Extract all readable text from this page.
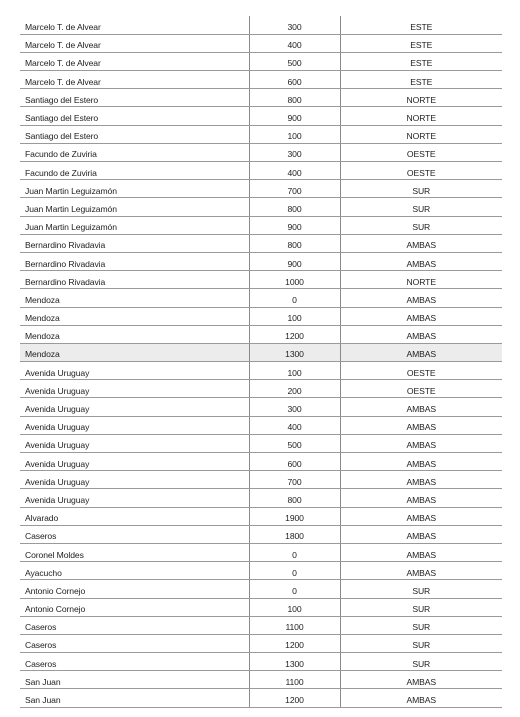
Marcelo T. de Alvear	300	ESTE
Marcelo T. de Alvear	400	ESTE
Marcelo T. de Alvear	500	ESTE
Marcelo T. de Alvear	600	ESTE
Santiago del Estero	800	NORTE
Santiago del Estero	900	NORTE
Santiago del Estero	100	NORTE
Facundo de Zuviria	300	OESTE
Facundo de Zuviria	400	OESTE
Juan Martin Leguizamón	700	SUR
Juan Martin Leguizamón	800	SUR
Juan Martin Leguizamón	900	SUR
Bernardino Rivadavia	800	AMBAS
Bernardino Rivadavia	900	AMBAS
Bernardino Rivadavia	1000	NORTE
Mendoza	0	AMBAS
Mendoza	100	AMBAS
Mendoza	1200	AMBAS
Mendoza	1300	AMBAS
Avenida Uruguay	100	OESTE
Avenida Uruguay	200	OESTE
Avenida Uruguay	300	AMBAS
Avenida Uruguay	400	AMBAS
Avenida Uruguay	500	AMBAS
Avenida Uruguay	600	AMBAS
Avenida Uruguay	700	AMBAS
Avenida Uruguay	800	AMBAS
Alvarado	1900	AMBAS
Caseros	1800	AMBAS
Coronel Moldes	0	AMBAS
Ayacucho	0	AMBAS
Antonio Cornejo	0	SUR
Antonio Cornejo	100	SUR
Caseros	1100	SUR
Caseros	1200	SUR
Caseros	1300	SUR
San Juan	1100	AMBAS
San Juan	1200	AMBAS
